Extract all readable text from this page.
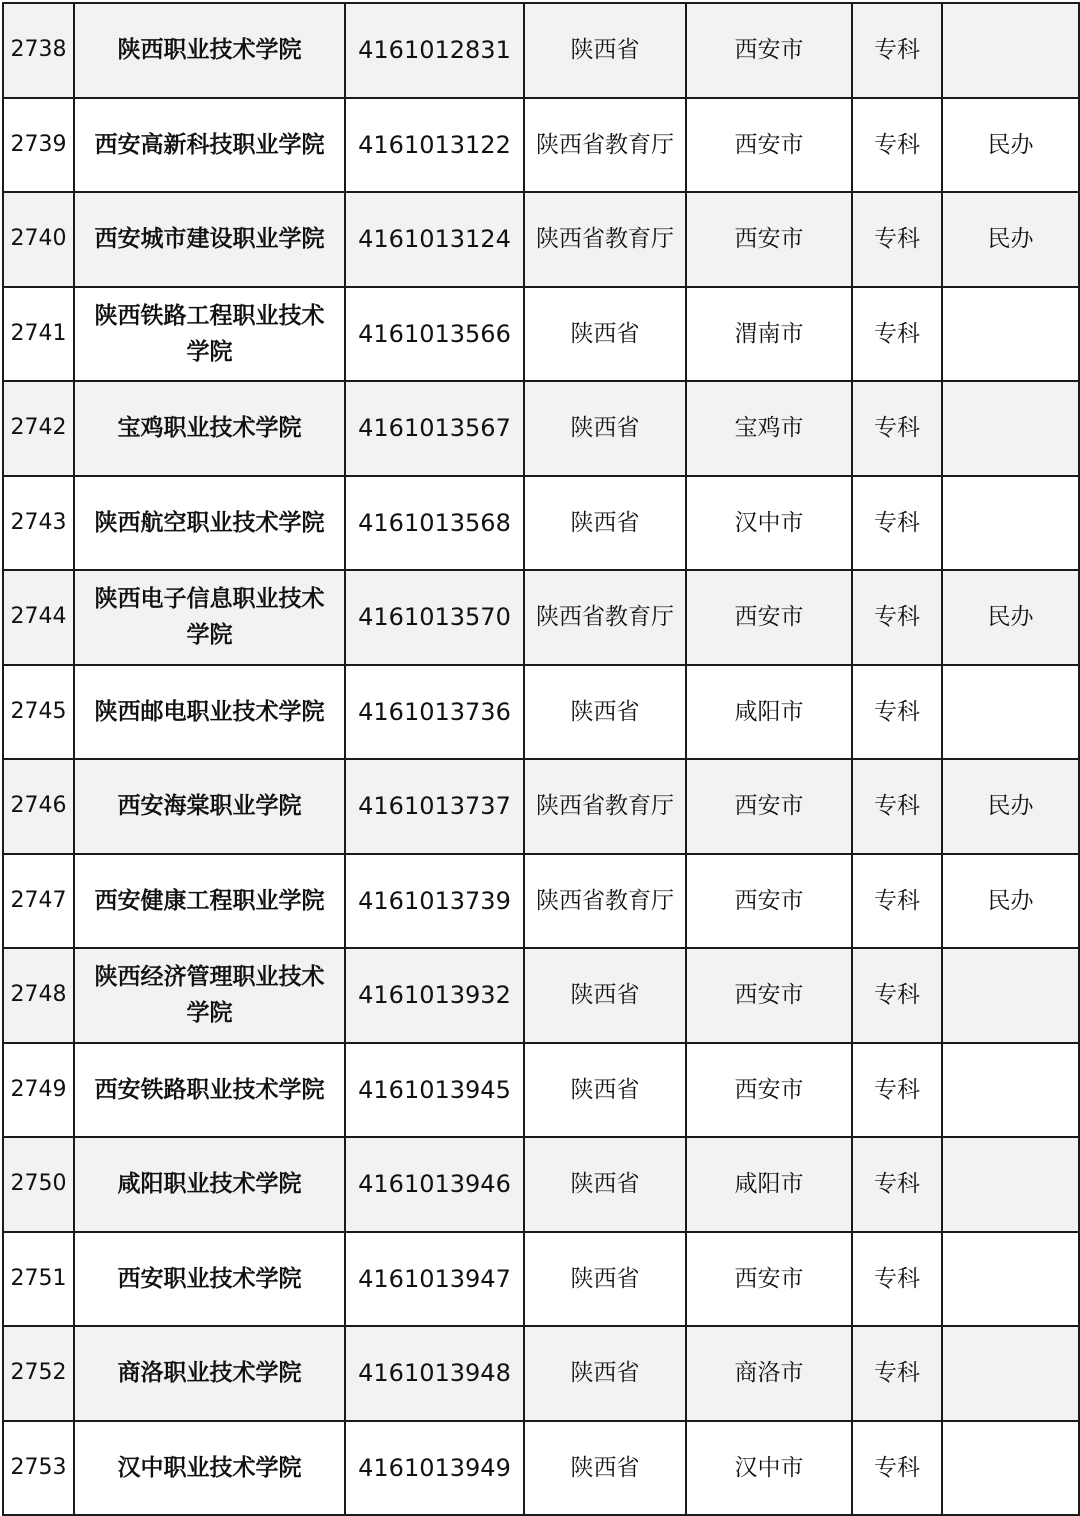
2738	陕西职业技术学院	4161012831	陕西省	西安市	专科	
2739	西安高新科技职业学院	4161013122	陕西省教育厅	西安市	专科	民办
2740	西安城市建设职业学院	4161013124	陕西省教育厅	西安市	专科	民办
2741	陕西铁路工程职业技术学院	4161013566	陕西省	渭南市	专科	
2742	宝鸡职业技术学院	4161013567	陕西省	宝鸡市	专科	
2743	陕西航空职业技术学院	4161013568	陕西省	汉中市	专科	
2744	陕西电子信息职业技术学院	4161013570	陕西省教育厅	西安市	专科	民办
2745	陕西邮电职业技术学院	4161013736	陕西省	咸阳市	专科	
2746	西安海棠职业学院	4161013737	陕西省教育厅	西安市	专科	民办
2747	西安健康工程职业学院	4161013739	陕西省教育厅	西安市	专科	民办
2748	陕西经济管理职业技术学院	4161013932	陕西省	西安市	专科	
2749	西安铁路职业技术学院	4161013945	陕西省	西安市	专科	
2750	咸阳职业技术学院	4161013946	陕西省	咸阳市	专科	
2751	西安职业技术学院	4161013947	陕西省	西安市	专科	
2752	商洛职业技术学院	4161013948	陕西省	商洛市	专科	
2753	汉中职业技术学院	4161013949	陕西省	汉中市	专科	
